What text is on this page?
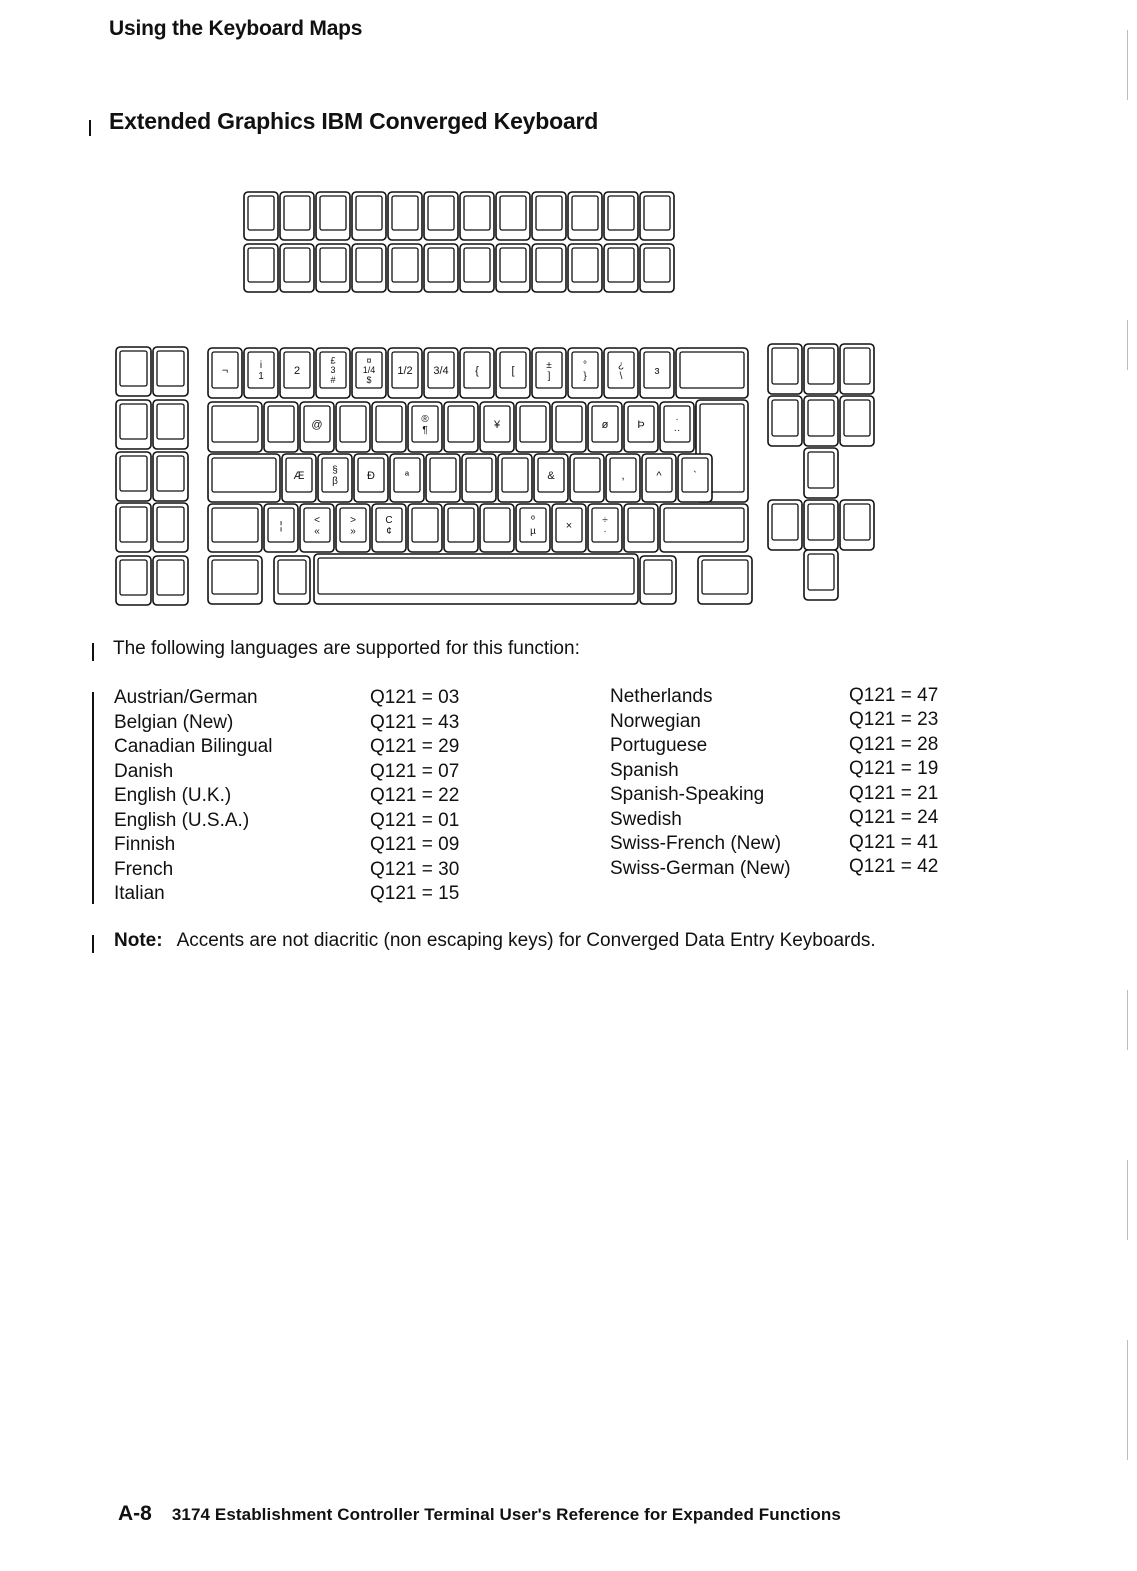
Using the Keyboard Maps
Extended Graphics IBM Converged Keyboard
¬	i
1	2
£
3
#
¤
1/4
$
1/2 3/4 {	[	±
]
°
}
¿
\	ɜ
@	®
¶	¥	ø	Þ	·
··
Æ	§
β	Ð	ª	&	,	^	`
¦	<
«
>
»
C
¢
º
µ	×	÷
·
The following languages are supported for this function:
Austrian/German	Q121 = 03
Belgian (New)	Q121 = 43
Canadian Bilingual	Q121 = 29
Danish	Q121 = 07
English (U.K.)	Q121 = 22
English (U.S.A.)	Q121 = 01
Finnish	Q121 = 09
French	Q121 = 30
Italian	Q121 = 15
Netherlands	Q121 = 47
Norwegian	Q121 = 23
Portuguese	Q121 = 28
Spanish	Q121 = 19
Spanish-Speaking	Q121 = 21
Swedish	Q121 = 24
Swiss-French (New)	Q121 = 41
Swiss-German (New)	Q121 = 42
Note: Accents are not diacritic (non escaping keys) for Converged Data Entry Keyboards.
A-8 3174 Establishment Controller Terminal User's Reference for Expanded Functions
